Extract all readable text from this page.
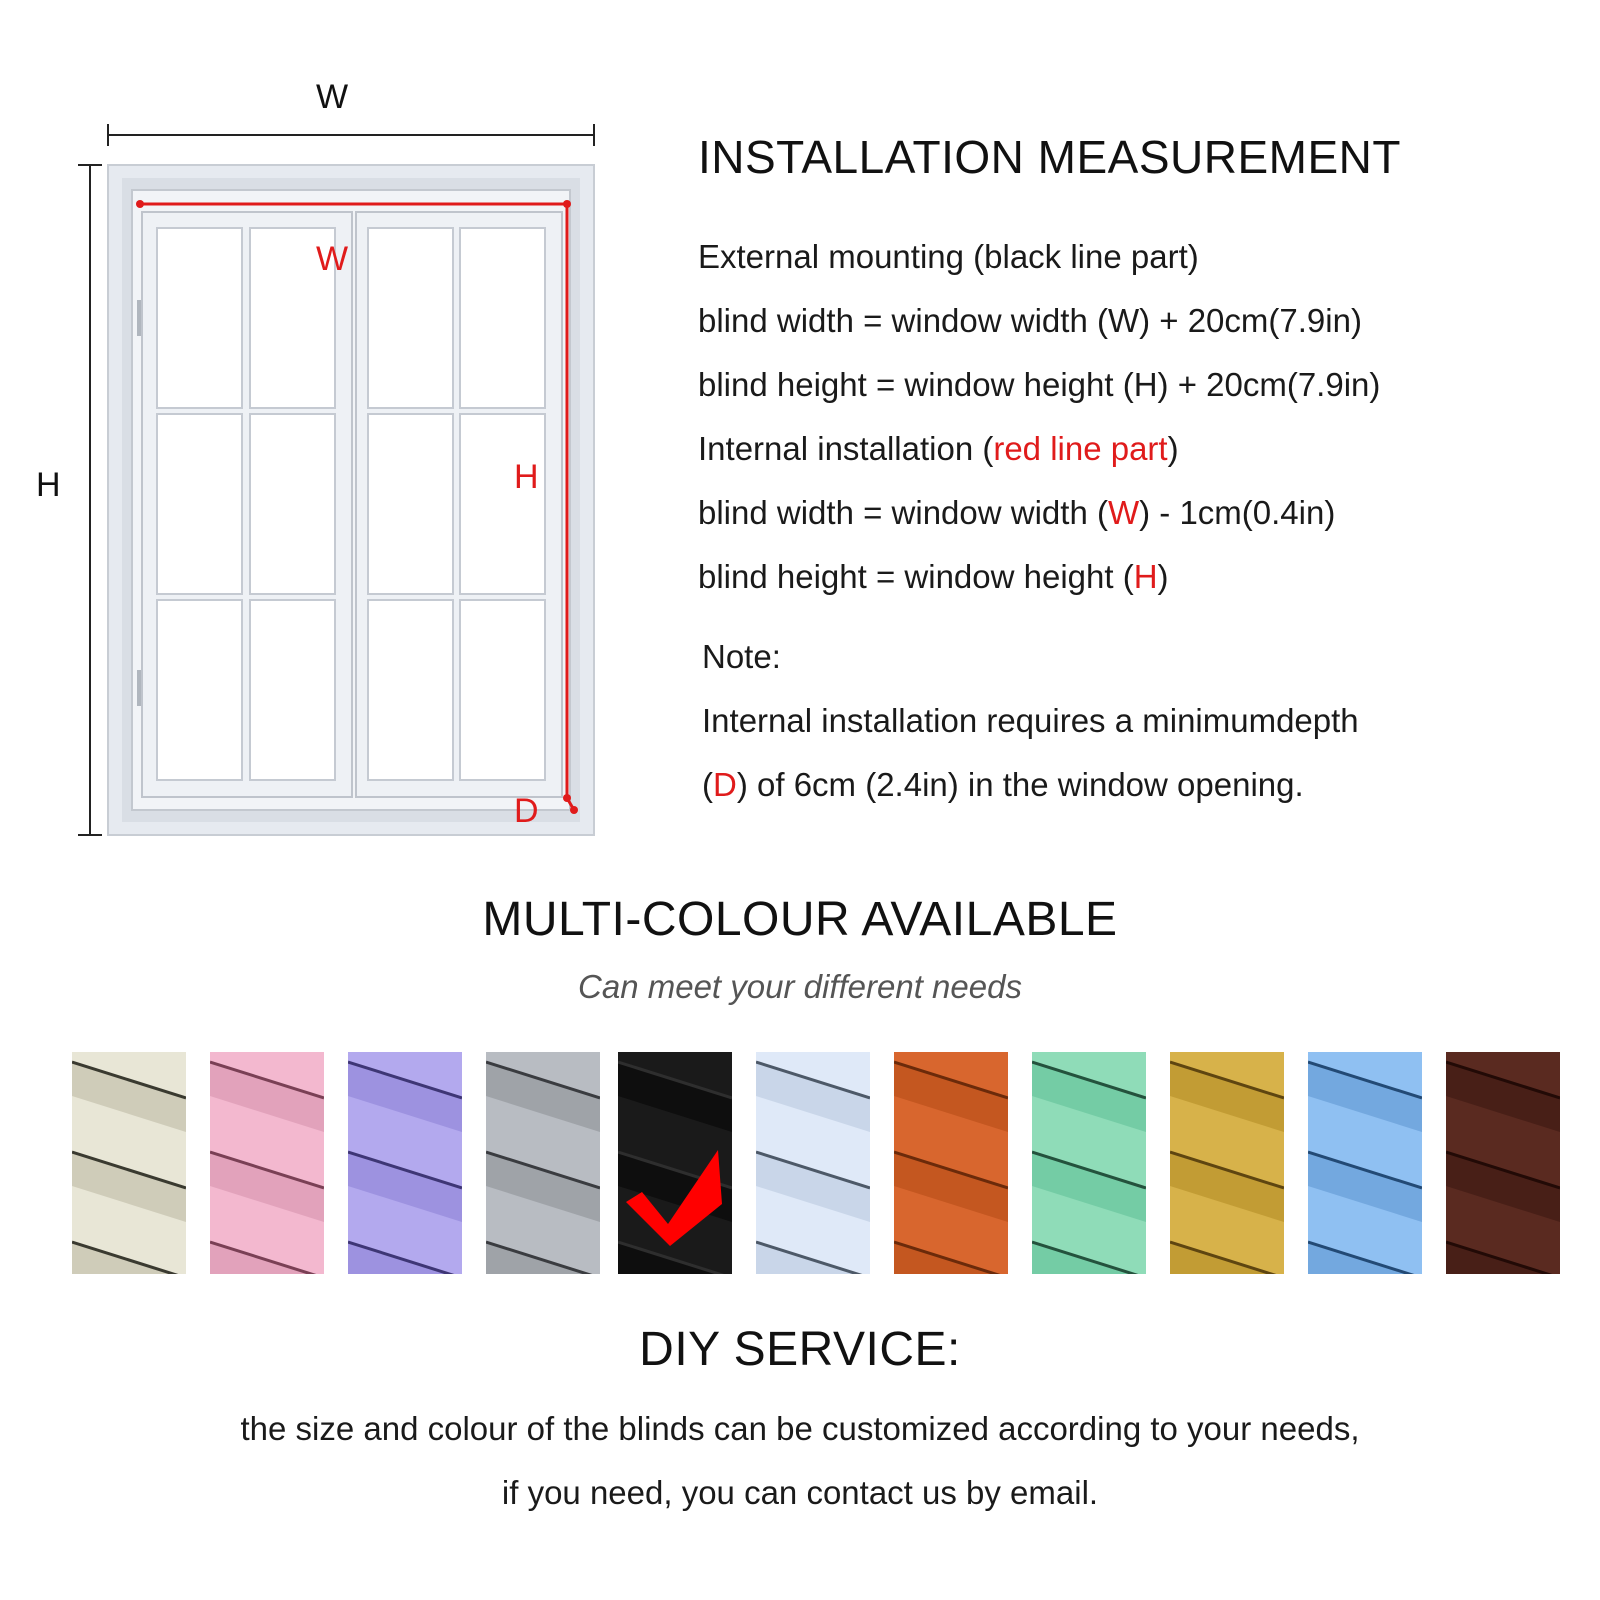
W
H
W
H
D
INSTALLATION MEASUREMENT
External mounting (black line part)
blind width = window width (W) + 20cm(7.9in)
blind height = window height (H) + 20cm(7.9in)
Internal installation (red line part)
blind width = window width (W) - 1cm(0.4in)
blind height = window height (H)
Note:
Internal installation requires a minimumdepth
(D) of 6cm (2.4in) in the window opening.
MULTI-COLOUR AVAILABLE
Can meet your different needs
DIY SERVICE:
the size and colour of the blinds can be customized according to your needs,
if you need, you can contact us by email.
